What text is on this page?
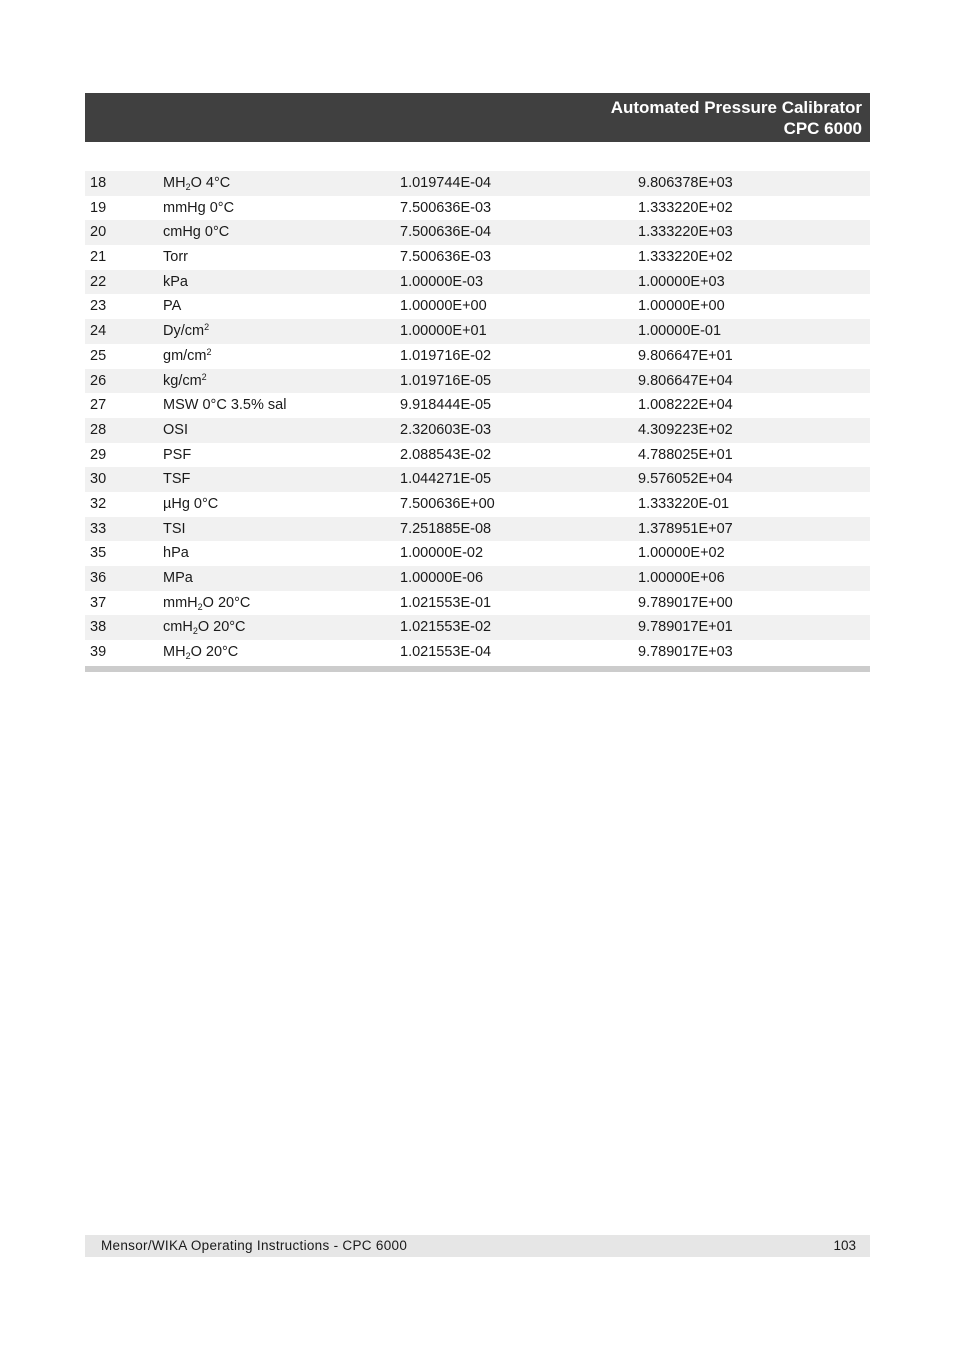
Automated Pressure Calibrator
CPC 6000
18	$MH_2O$ 4°C	1.019744E-04	9.806378E+03
19	mmHg 0°C	7.500636E-03	1.333220E+02
20	cmHg 0°C	7.500636E-04	1.333220E+03
21	Torr	7.500636E-03	1.333220E+02
22	kPa	1.00000E-03	1.00000E+03
23	PA	1.00000E+00	1.00000E+00
24	$Dy/cm^2$	1.00000E+01	1.00000E-01
25	$gm/cm^2$	1.019716E-02	9.806647E+01
26	$kg/cm^2$	1.019716E-05	9.806647E+04
27	MSW 0°C 3.5% sal	9.918444E-05	1.008222E+04
28	OSI	2.320603E-03	4.309223E+02
29	PSF	2.088543E-02	4.788025E+01
30	TSF	1.044271E-05	9.576052E+04
32	µHg 0°C	7.500636E+00	1.333220E-01
33	TSI	7.251885E-08	1.378951E+07
35	hPa	1.00000E-02	1.00000E+02
36	MPa	1.00000E-06	1.00000E+06
37	mmH$_2$O 20°C	1.021553E-01	9.789017E+00
38	cmH$_2$O 20°C	1.021553E-02	9.789017E+01
39	$MH_2O$ 20°C	1.021553E-04	9.789017E+03
Mensor/WIKA Operating Instructions - CPC 6000	103
